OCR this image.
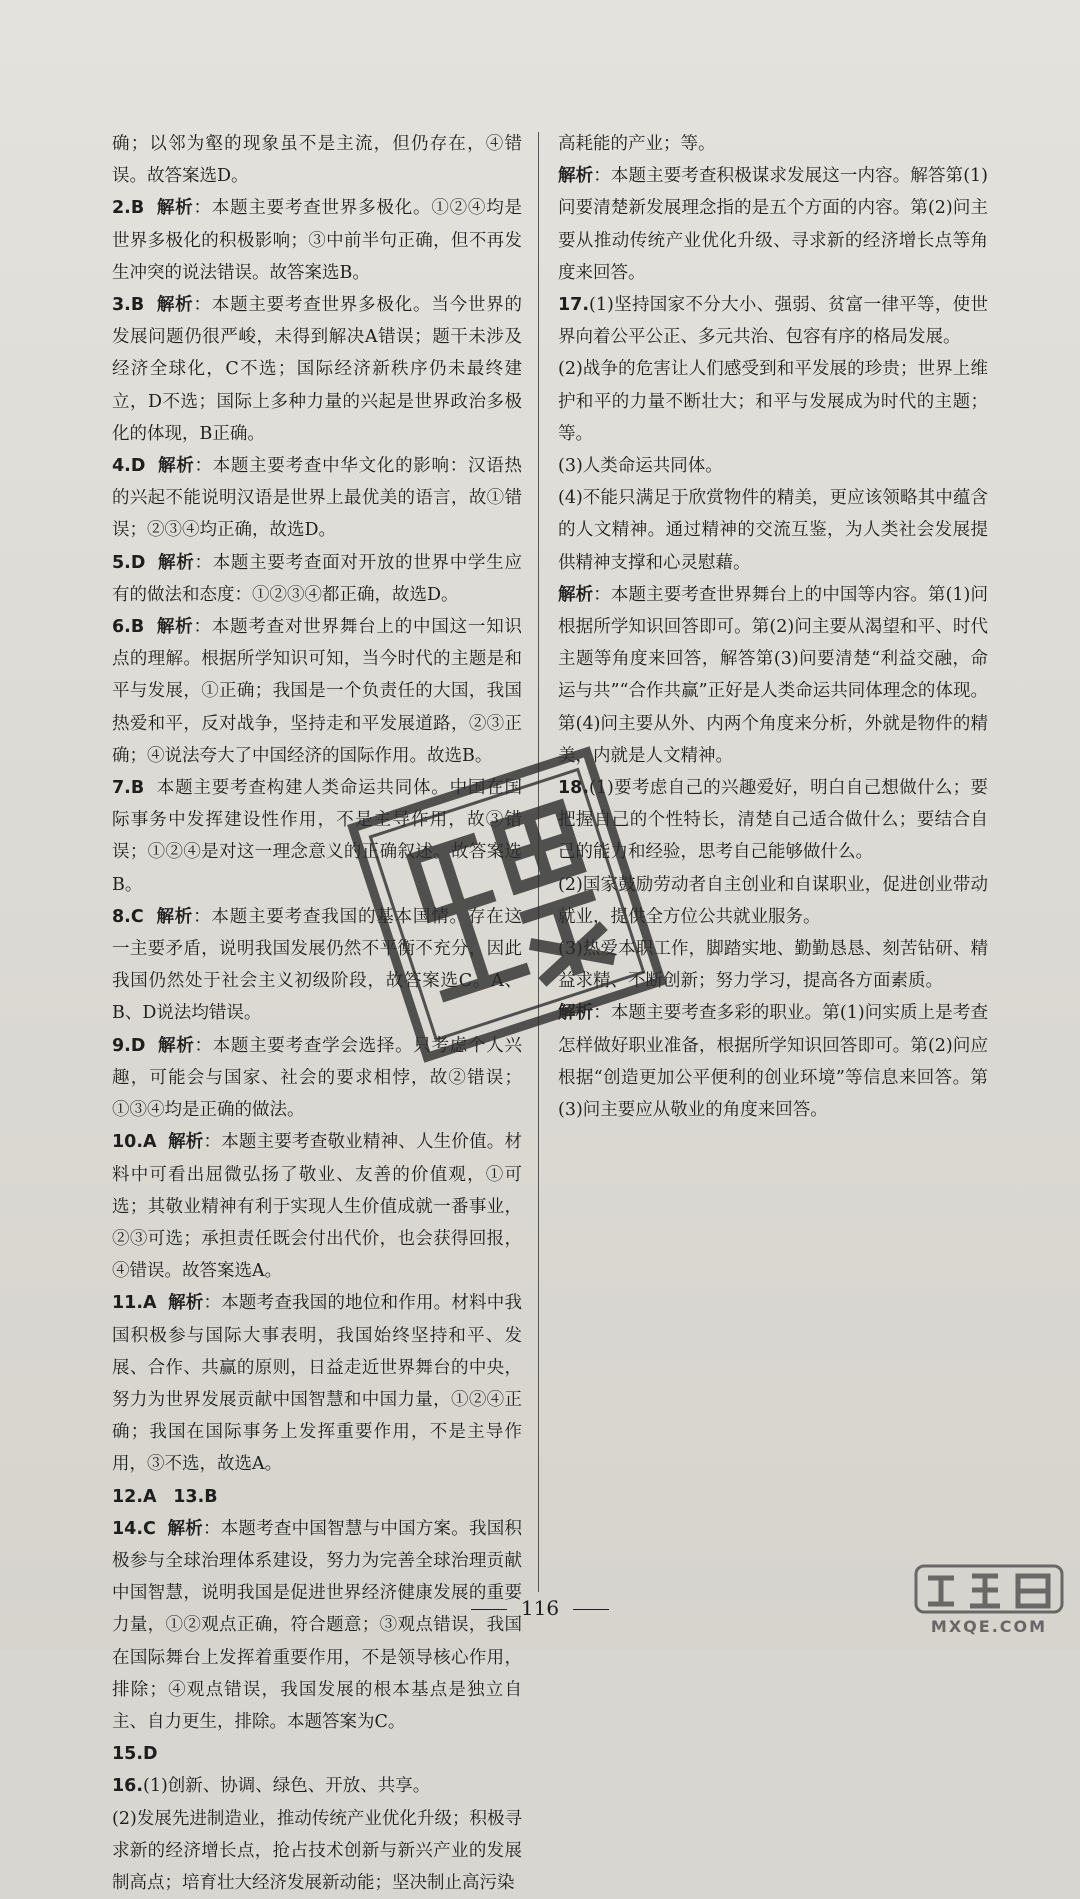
确；以邻为壑的现象虽不是主流，但仍存在，④错误。故答案选D。

2.B 解析：本题主要考查世界多极化。①②④均是世界多极化的积极影响；③中前半句正确，但不再发生冲突的说法错误。故答案选B。

3.B 解析：本题主要考查世界多极化。当今世界的发展问题仍很严峻，未得到解决A错误；题干未涉及经济全球化，C不选；国际经济新秩序仍未最终建立，D不选；国际上多种力量的兴起是世界政治多极化的体现，B正确。

4.D 解析：本题主要考查中华文化的影响：汉语热的兴起不能说明汉语是世界上最优美的语言，故①错误；②③④均正确，故选D。

5.D 解析：本题主要考查面对开放的世界中学生应有的做法和态度：①②③④都正确，故选D。

6.B 解析：本题考查对世界舞台上的中国这一知识点的理解。根据所学知识可知，当今时代的主题是和平与发展，①正确；我国是一个负责任的大国，我国热爱和平，反对战争，坚持走和平发展道路，②③正确；④说法夸大了中国经济的国际作用。故选B。

7.B 本题主要考查构建人类命运共同体。中国在国际事务中发挥建设性作用，不是主导作用，故③错误；①②④是对这一理念意义的正确叙述。故答案选B。

8.C 解析：本题主要考查我国的基本国情。存在这一主要矛盾，说明我国发展仍然不平衡不充分，因此我国仍然处于社会主义初级阶段，故答案选C。A、B、D说法均错误。

9.D 解析：本题主要考查学会选择。只考虑个人兴趣，可能会与国家、社会的要求相悖，故②错误；①③④均是正确的做法。

10.A 解析：本题主要考查敬业精神、人生价值。材料中可看出屈微弘扬了敬业、友善的价值观，①可选；其敬业精神有利于实现人生价值成就一番事业，②③可选；承担责任既会付出代价，也会获得回报，④错误。故答案选A。

11.A 解析：本题考查我国的地位和作用。材料中我国积极参与国际大事表明，我国始终坚持和平、发展、合作、共赢的原则，日益走近世界舞台的中央，努力为世界发展贡献中国智慧和中国力量，①②④正确；我国在国际事务上发挥重要作用，不是主导作用，③不选，故选A。

12.A 13.B

14.C 解析：本题考查中国智慧与中国方案。我国积极参与全球治理体系建设，努力为完善全球治理贡献中国智慧，说明我国是促进世界经济健康发展的重要力量，①②观点正确，符合题意；③观点错误，我国在国际舞台上发挥着重要作用，不是领导核心作用，排除；④观点错误，我国发展的根本基点是独立自主、自力更生，排除。本题答案为C。

15.D

16.(1)创新、协调、绿色、开放、共享。

(2)发展先进制造业，推动传统产业优化升级；积极寻求新的经济增长点，抢占技术创新与新兴产业的发展制高点；培育壮大经济发展新动能；坚决制止高污染

高耗能的产业；等。

解析：本题主要考查积极谋求发展这一内容。解答第(1)问要清楚新发展理念指的是五个方面的内容。第(2)问主要从推动传统产业优化升级、寻求新的经济增长点等角度来回答。

17.(1)坚持国家不分大小、强弱、贫富一律平等，使世界向着公平公正、多元共治、包容有序的格局发展。

(2)战争的危害让人们感受到和平发展的珍贵；世界上维护和平的力量不断壮大；和平与发展成为时代的主题；等。

(3)人类命运共同体。

(4)不能只满足于欣赏物件的精美，更应该领略其中蕴含的人文精神。通过精神的交流互鉴，为人类社会发展提供精神支撑和心灵慰藉。

解析：本题主要考查世界舞台上的中国等内容。第(1)问根据所学知识回答即可。第(2)问主要从渴望和平、时代主题等角度来回答，解答第(3)问要清楚“利益交融，命运与共”“合作共赢”正好是人类命运共同体理念的体现。第(4)问主要从外、内两个角度来分析，外就是物件的精美，内就是人文精神。

18.(1)要考虑自己的兴趣爱好，明白自己想做什么；要把握自己的个性特长，清楚自己适合做什么；要结合自己的能力和经验，思考自己能够做什么。

(2)国家鼓励劳动者自主创业和自谋职业，促进创业带动就业，提供全方位公共就业服务。

(3)热爱本职工作，脚踏实地、勤勤恳恳、刻苦钻研、精益求精、不断创新；努力学习，提高各方面素质。

解析：本题主要考查多彩的职业。第(1)问实质上是考查怎样做好职业准备，根据所学知识回答即可。第(2)问应根据“创造更加公平便利的创业环境”等信息来回答。第(3)问主要应从敬业的角度来回答。

116
MXQE.COM
